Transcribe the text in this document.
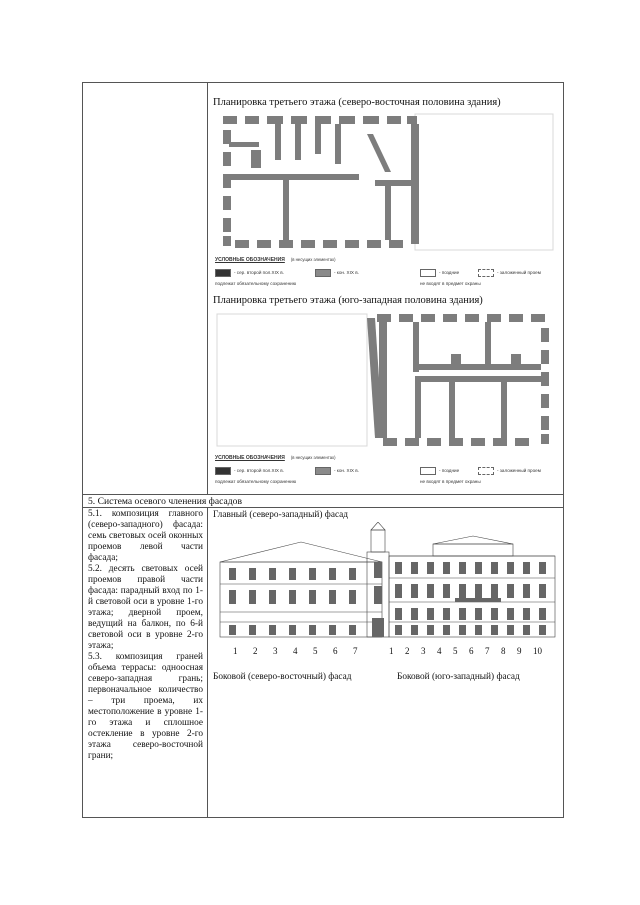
Планировка третьего этажа (северо-восточная половина здания)
УСЛОВНЫЕ ОБОЗНАЧЕНИЯ (в несущих элементах)
- сер. второй пол.XIX в.	- кон. XIX в.	- поздние	- заложенный проем
подлежат обязательному сохранению	не входят в предмет охраны
Планировка третьего этажа (юго-западная половина здания)
УСЛОВНЫЕ ОБОЗНАЧЕНИЯ (в несущих элементах)
- сер. второй пол.XIX в.	- кон. XIX в.	- поздние	- заложенный проем
подлежат обязательному сохранению	не входят в предмет охраны
5. Система осевого членения фасадов

5.1. композиция главного (северо-западного) фасада: семь световых осей оконных проемов левой части фасада;

5.2. десять световых осей проемов правой части фасада: парадный вход по 1-й световой оси в уровне 1-го этажа; дверной проем, ведущий на балкон, по 6-й световой оси в уровне 2-го этажа;

5.3. композиция граней объема террасы: одноосная северо-западная грань; первоначальное количество – три проема, их местоположение в уровне 1-го этажа и сплошное остекление в уровне 2-го этажа северо-восточной грани;

Главный (северо-западный) фасад
1 2 3 4 5 6 7	1 2 3 4 5 6 7 8 9 10
Боковой (северо-восточный) фасад	Боковой (юго-западный) фасад
